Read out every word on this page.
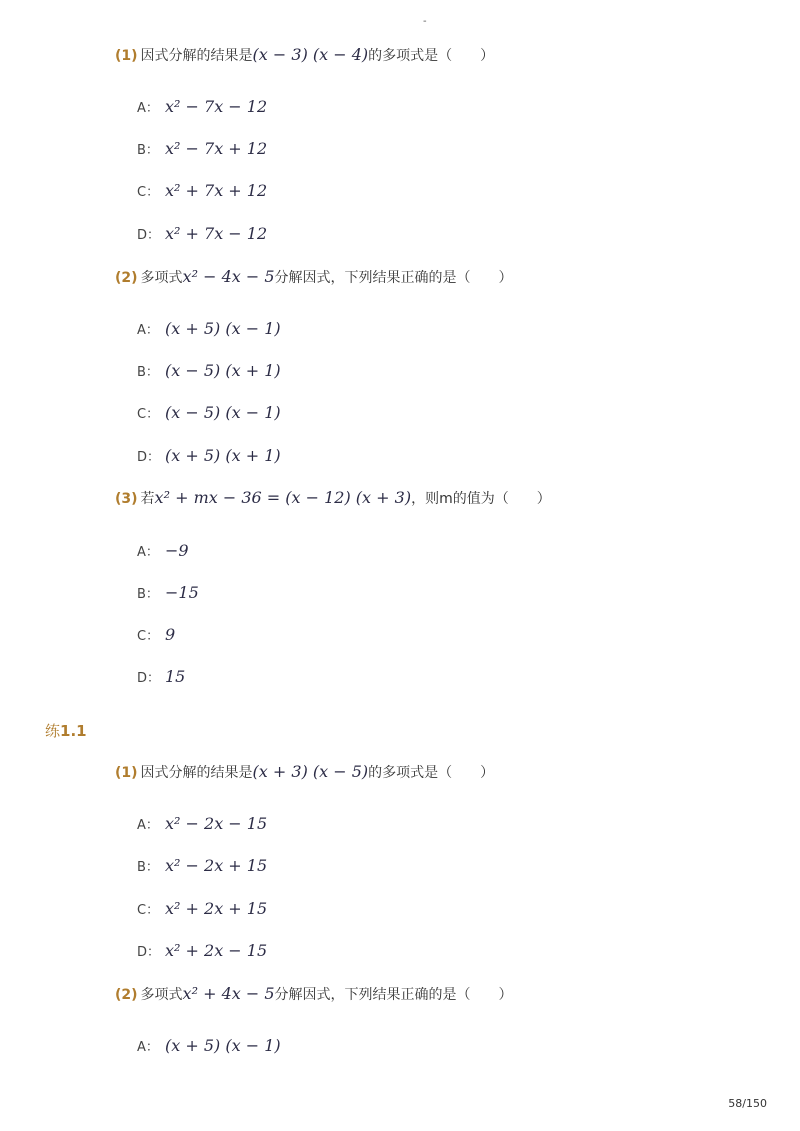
-
(1) 因式分解的结果是(x − 3) (x − 4)的多项式是（　　）
A： x² − 7x − 12
B： x² − 7x + 12
C： x² + 7x + 12
D： x² + 7x − 12
(2) 多项式x² − 4x − 5分解因式，下列结果正确的是（　　）
A： (x + 5) (x − 1)
B： (x − 5) (x + 1)
C： (x − 5) (x − 1)
D： (x + 5) (x + 1)
(3) 若x² + mx − 36 = (x − 12) (x + 3)，则m的值为（　　）
A： −9
B： −15
C： 9
D： 15
练1.1
(1) 因式分解的结果是(x + 3) (x − 5)的多项式是（　　）
A： x² − 2x − 15
B： x² − 2x + 15
C： x² + 2x + 15
D： x² + 2x − 15
(2) 多项式x² + 4x − 5分解因式，下列结果正确的是（　　）
A： (x + 5) (x − 1)
58/150
